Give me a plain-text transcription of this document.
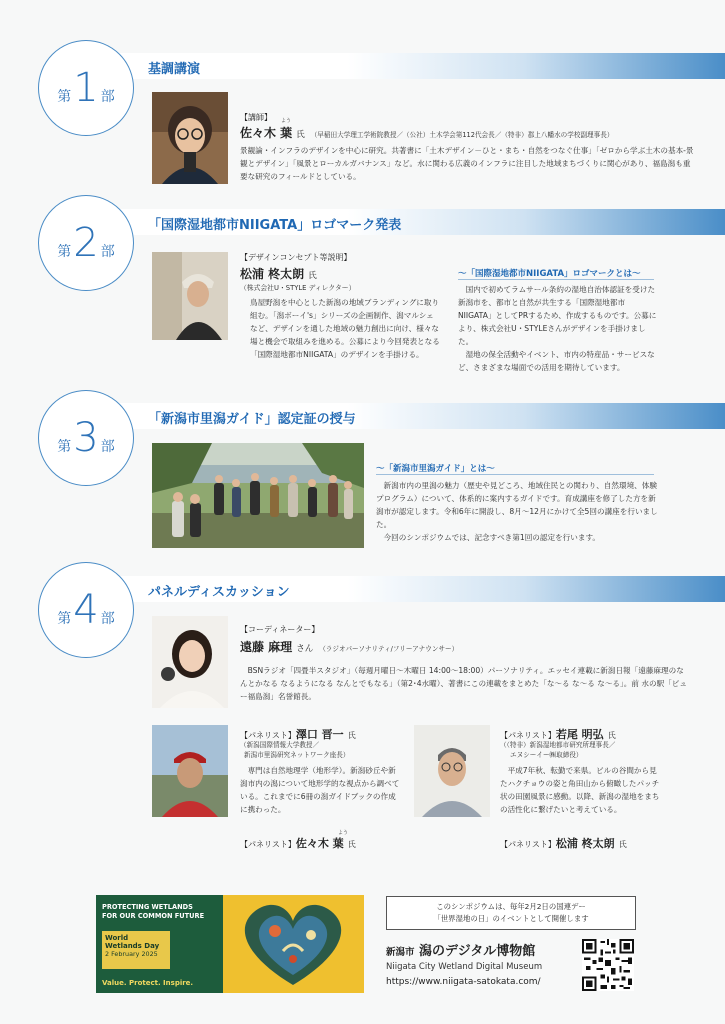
第 1 部
基調講演
【講師】
佐々木 葉 氏 （早稲田大学理工学術院教授／（公社）土木学会第112代会長／（特非）郡上八幡水の学校副理事長）
よう
景観論・インフラのデザインを中心に研究。共著書に「土木デザイン－ひと・まち・自然をつなぐ仕事」「ゼロから学ぶ土木の基本-景観とデザイン」「風景とローカルガバナンス」など。水に関わる広義のインフラに注目した地域まちづくりに関心があり、福島潟も重要な研究のフィールドとしている。
第 2 部
「国際湿地都市NIIGATA」ロゴマーク発表
【デザインコンセプト等説明】
松浦 柊太朗 氏
（株式会社U・STYLE ディレクター）
鳥屋野潟を中心とした新潟の地域ブランディングに取り組む。「潟ボーイ's」シリーズの企画制作、潟マルシェなど、デザインを通した地域の魅力創出に向け、様々な場と機会で取組みを進める。公募により今回発表となる「国際湿地都市NIIGATA」のデザインを手掛ける。
～「国際湿地都市NIIGATA」ロゴマークとは～

国内で初めてラムサール条約の湿地自治体認証を受けた新潟市を、都市と自然が共生する「国際湿地都市NIIGATA」としてPRするため、作成するものです。公募により、株式会社U・STYLEさんがデザインを手掛けました。

湿地の保全活動やイベント、市内の特産品・サービスなど、さまざまな場面での活用を期待しています。

第 3 部
「新潟市里潟ガイド」認定証の授与
～「新潟市里潟ガイド」とは～

新潟市内の里潟の魅力（歴史や見どころ、地域住民との関わり、自然環境、体験プログラム）について、体系的に案内するガイドです。育成講座を修了した方を新潟市が認定します。令和6年に開設し、8月～12月にかけて全5回の講座を行いました。

今回のシンポジウムでは、記念すべき第1回の認定を行います。

第 4 部
パネルディスカッション
【コーディネーター】
遠藤 麻理 さん （ラジオパーソナリティ/フリーアナウンサー）
BSNラジオ「四畳半スタジオ」（毎週月曜日～木曜日 14:00～18:00）パーソナリティ。エッセイ連載に新潟日報「遠藤麻理のなんとかなる なるようになる なんとでもなる」（第2･4水曜）、著書にこの連載をまとめた「な～る な～る な～る」。前 水の駅「ビュー福島潟」名誉館長。
【パネリスト】澤口 晋一 氏
（新潟国際情報大学教授／
新潟市里潟研究ネットワーク座長）
専門は自然地理学（地形学）。新潟砂丘や新潟市内の潟について地形学的な視点から調べている。これまでに6冊の潟ガイドブックの作成に携わった。
【パネリスト】若尾 明弘 氏
（（特非）新潟湿地都市研究所理事長／
エヌシーイー㈱取締役）
平成7年秋、転勤で来県。ビルの谷間から見たハクチョウの姿と角田山から俯瞰したパッチ状の田園風景に感動。以降、新潟の湿地をまちの活性化に繋げたいと考えている。
【パネリスト】佐々木 葉 氏
よう
【パネリスト】松浦 柊太朗 氏
PROTECTING WETLANDS
FOR OUR COMMON FUTURE
World
Wetlands Day
2 February 2025
Value. Protect. Inspire.
このシンポジウムは、毎年2月2日の国連デー
「世界湿地の日」のイベントとして開催します
新潟市 潟のデジタル博物館
Niigata City Wetland Digital Museum
https://www.niigata-satokata.com/
